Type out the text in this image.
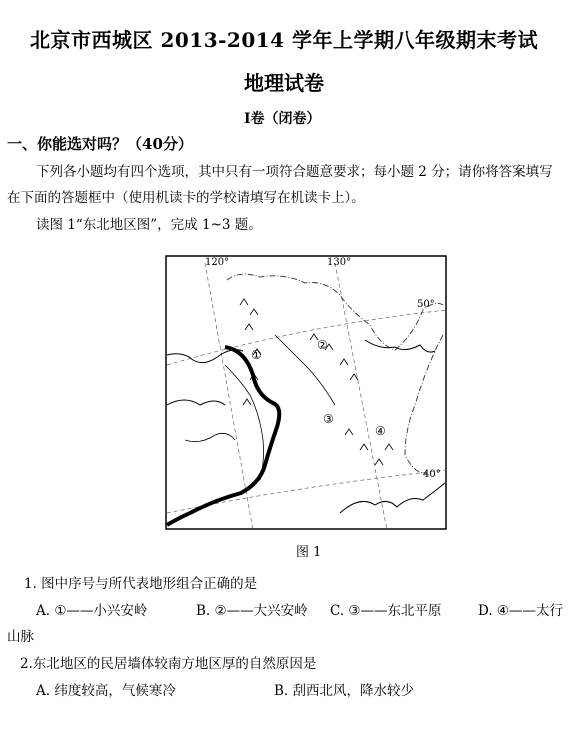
北京市西城区 2013-2014 学年上学期八年级期末考试
地理试卷
I卷（闭卷）
一、你能选对吗？（40分）
下列各小题均有四个选项，其中只有一项符合题意要求；每小题 2 分；请你将答案填写
在下面的答题框中（使用机读卡的学校请填写在机读卡上）。
读图 1“东北地区图”，完成 1~3 题。
120°	130°
50°
40°
①
②
③
④
图 1
1. 图中序号与所代表地形组合正确的是
A. ①——小兴安岭	B. ②——大兴安岭 C. ③——东北平原	D. ④——太行
山脉
2.东北地区的民居墙体较南方地区厚的自然原因是
A. 纬度较高，气候寒冷	B. 刮西北风，降水较少
